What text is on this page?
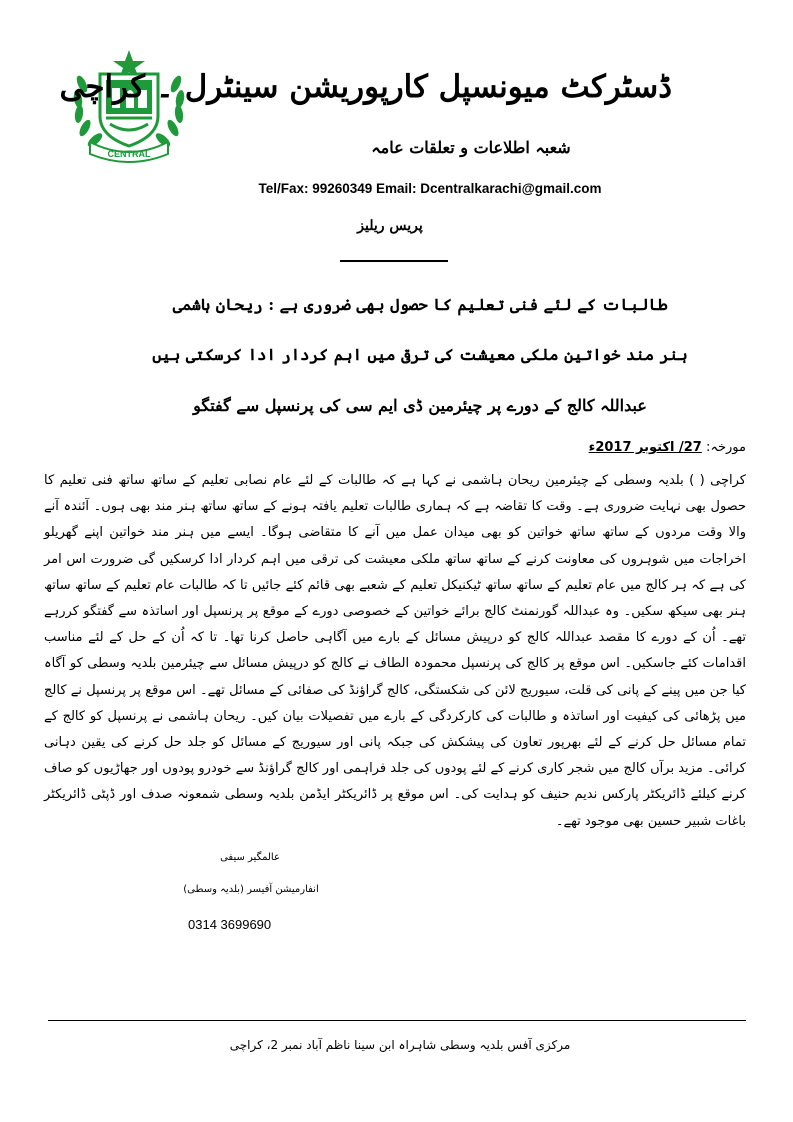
CENTRAL
ڈسٹرکٹ میونسپل کارپوریشن سینٹرل ۔ کراچی
شعبہ اطلاعات و تعلقات عامہ
Tel/Fax: 99260349 Email: Dcentralkarachi@gmail.com
پریس ریلیز
طالبات کے لئے فنی تعلیم کا حصول بھی ضروری ہے : ریحان ہاشمی
ہنر مند خواتین ملکی معیشت کی ترقی میں اہم کردار ادا کرسکتی ہیں
عبداللہ کالج کے دورے پر چیئرمین ڈی ایم سی کی پرنسپل سے گفتگو
مورخہ: 27/ اکتوبر 2017ء
کراچی ( ) بلدیہ وسطی کے چیئرمین ریحان ہاشمی نے کہا ہے کہ طالبات کے لئے عام نصابی تعلیم کے ساتھ ساتھ فنی تعلیم کا حصول بھی نہایت ضروری ہے۔ وقت کا تقاضہ ہے کہ ہماری طالبات تعلیم یافتہ ہونے کے ساتھ ساتھ ہنر مند بھی ہوں۔ آئندہ آنے والا وقت مردوں کے ساتھ ساتھ خواتین کو بھی میدان عمل میں آنے کا متقاضی ہوگا۔ ایسے میں ہنر مند خواتین اپنے گھریلو اخراجات میں شوہروں کی معاونت کرنے کے ساتھ ساتھ ملکی معیشت کی ترقی میں اہم کردار ادا کرسکیں گی ضرورت اس امر کی ہے کہ ہر کالج میں عام تعلیم کے ساتھ ساتھ ٹیکنیکل تعلیم کے شعبے بھی قائم کئے جائیں تا کہ طالبات عام تعلیم کے ساتھ ساتھ ہنر بھی سیکھ سکیں۔ وہ عبداللہ گورنمنٹ کالج برائے خواتین کے خصوصی دورے کے موقع پر پرنسپل اور اساتذہ سے گفتگو کررہے تھے۔ اُن کے دورے کا مقصد عبداللہ کالج کو درپیش مسائل کے بارے میں آگاہی حاصل کرنا تھا۔ تا کہ اُن کے حل کے لئے مناسب اقدامات کئے جاسکیں۔ اس موقع پر کالج کی پرنسپل محمودہ الطاف نے کالج کو درپیش مسائل سے چیئرمین بلدیہ وسطی کو آگاہ کیا جن میں پینے کے پانی کی قلت، سیوریج لائن کی شکستگی، کالج گراؤنڈ کی صفائی کے مسائل تھے۔ اس موقع پر پرنسپل نے کالج میں پڑھائی کی کیفیت اور اساتذہ و طالبات کی کارکردگی کے بارے میں تفصیلات بیان کیں۔ ریحان ہاشمی نے پرنسپل کو کالج کے تمام مسائل حل کرنے کے لئے بھرپور تعاون کی پیشکش کی جبکہ پانی اور سیوریج کے مسائل کو جلد حل کرنے کی یقین دہانی کرائی۔ مزید برآں کالج میں شجر کاری کرنے کے لئے پودوں کی جلد فراہمی اور کالج گراؤنڈ سے خودرو پودوں اور جھاڑیوں کو صاف کرنے کیلئے ڈائریکٹر پارکس ندیم حنیف کو ہدایت کی۔ اس موقع پر ڈائریکٹر ایڈمن بلدیہ وسطی شمعونہ صدف اور ڈپٹی ڈائریکٹر باغات شبیر حسین بھی موجود تھے۔
عالمگیر سیفی
انفارمیشن آفیسر (بلدیہ وسطی)
0314 3699690
مرکزی آفس بلدیہ وسطی شاہراہ ابن سینا ناظم آباد نمبر 2، کراچی
